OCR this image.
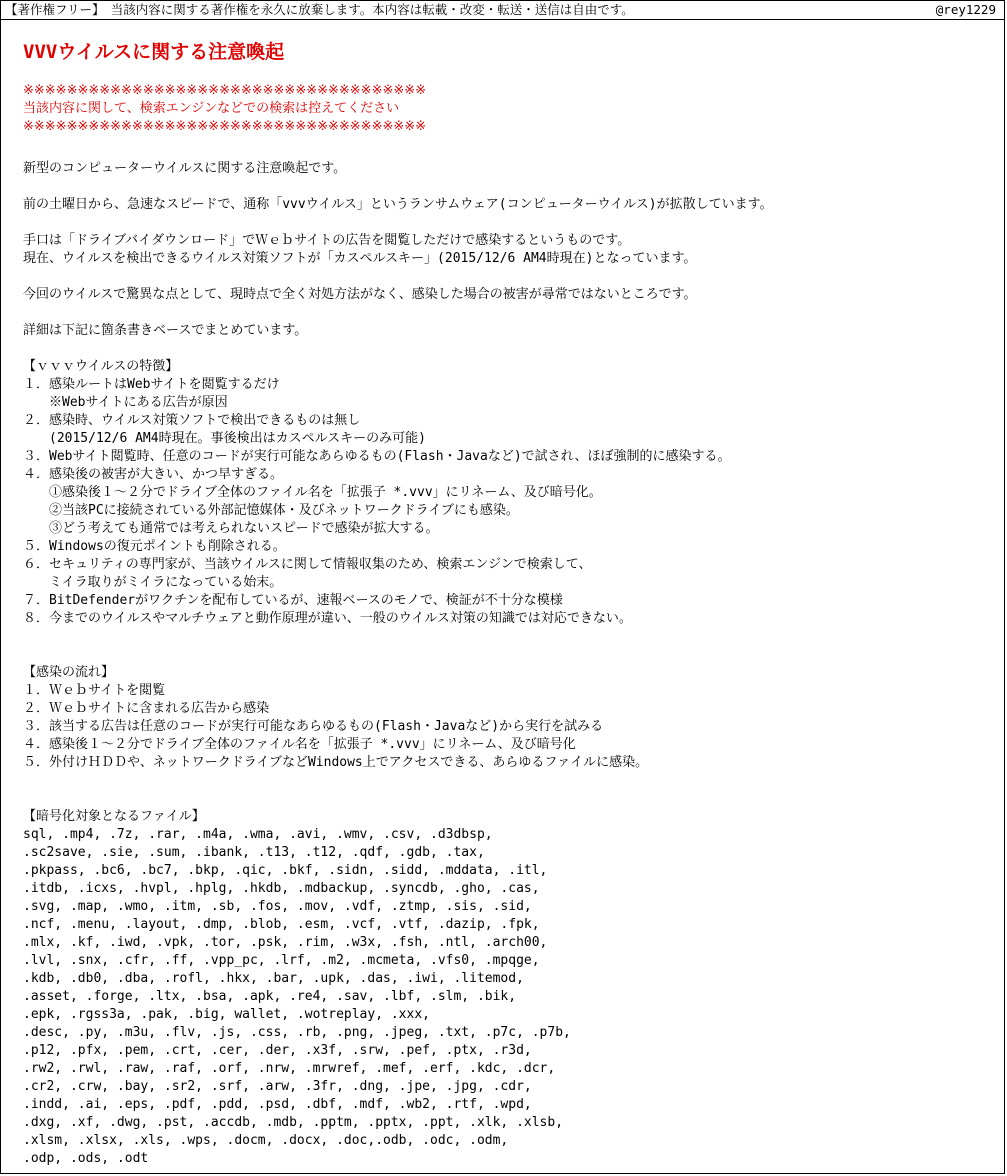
【著作権フリー】　当該内容に関する著作権を永久に放棄します。本内容は転載・改変・転送・送信は自由です。	@rey1229
VVVウイルスに関する注意喚起
※※※※※※※※※※※※※※※※※※※※※※※※※※※※※※※※※※※※※
当該内容に関して、検索エンジンなどでの検索は控えてください
※※※※※※※※※※※※※※※※※※※※※※※※※※※※※※※※※※※※※
新型のコンピューターウイルスに関する注意喚起です。
前の土曜日から、急速なスピードで、通称「vvvウイルス」というランサムウェア(コンピューターウイルス)が拡散しています。
手口は「ドライブバイダウンロード」でＷｅｂサイトの広告を閲覧しただけで感染するというものです。
現在、ウイルスを検出できるウイルス対策ソフトが「カスペルスキー」(2015/12/6 AM4時現在)となっています。
今回のウイルスで驚異な点として、現時点で全く対処方法がなく、感染した場合の被害が尋常ではないところです。
詳細は下記に箇条書きベースでまとめています。
【ｖｖｖウイルスの特徴】
１．感染ルートはWebサイトを閲覧するだけ
　　※Webサイトにある広告が原因
２．感染時、ウイルス対策ソフトで検出できるものは無し
　　(2015/12/6 AM4時現在。事後検出はカスペルスキーのみ可能)
３．Webサイト閲覧時、任意のコードが実行可能なあらゆるもの(Flash・Javaなど)で試され、ほぼ強制的に感染する。
４．感染後の被害が大きい、かつ早すぎる。
　　①感染後１～２分でドライブ全体のファイル名を「拡張子 *.vvv」にリネーム、及び暗号化。
　　②当該PCに接続されている外部記憶媒体・及びネットワークドライブにも感染。
　　③どう考えても通常では考えられないスピードで感染が拡大する。
５．Windowsの復元ポイントも削除される。
６．セキュリティの専門家が、当該ウイルスに関して情報収集のため、検索エンジンで検索して、
　　ミイラ取りがミイラになっている始末。
７．BitDefenderがワクチンを配布しているが、速報ベースのモノで、検証が不十分な模様
８．今までのウイルスやマルチウェアと動作原理が違い、一般のウイルス対策の知識では対応できない。
【感染の流れ】
１．Ｗｅｂサイトを閲覧
２．Ｗｅｂサイトに含まれる広告から感染
３．該当する広告は任意のコードが実行可能なあらゆるもの(Flash・Javaなど)から実行を試みる
４．感染後１～２分でドライブ全体のファイル名を「拡張子 *.vvv」にリネーム、及び暗号化
５．外付けＨＤＤや、ネットワークドライブなどWindows上でアクセスできる、あらゆるファイルに感染。
【暗号化対象となるファイル】
sql, .mp4, .7z, .rar, .m4a, .wma, .avi, .wmv, .csv, .d3dbsp,
.sc2save, .sie, .sum, .ibank, .t13, .t12, .qdf, .gdb, .tax,
.pkpass, .bc6, .bc7, .bkp, .qic, .bkf, .sidn, .sidd, .mddata, .itl,
.itdb, .icxs, .hvpl, .hplg, .hkdb, .mdbackup, .syncdb, .gho, .cas,
.svg, .map, .wmo, .itm, .sb, .fos, .mov, .vdf, .ztmp, .sis, .sid,
.ncf, .menu, .layout, .dmp, .blob, .esm, .vcf, .vtf, .dazip, .fpk,
.mlx, .kf, .iwd, .vpk, .tor, .psk, .rim, .w3x, .fsh, .ntl, .arch00,
.lvl, .snx, .cfr, .ff, .vpp_pc, .lrf, .m2, .mcmeta, .vfs0, .mpqge,
.kdb, .db0, .dba, .rofl, .hkx, .bar, .upk, .das, .iwi, .litemod,
.asset, .forge, .ltx, .bsa, .apk, .re4, .sav, .lbf, .slm, .bik,
.epk, .rgss3a, .pak, .big, wallet, .wotreplay, .xxx,
.desc, .py, .m3u, .flv, .js, .css, .rb, .png, .jpeg, .txt, .p7c, .p7b,
.p12, .pfx, .pem, .crt, .cer, .der, .x3f, .srw, .pef, .ptx, .r3d,
.rw2, .rwl, .raw, .raf, .orf, .nrw, .mrwref, .mef, .erf, .kdc, .dcr,
.cr2, .crw, .bay, .sr2, .srf, .arw, .3fr, .dng, .jpe, .jpg, .cdr,
.indd, .ai, .eps, .pdf, .pdd, .psd, .dbf, .mdf, .wb2, .rtf, .wpd,
.dxg, .xf, .dwg, .pst, .accdb, .mdb, .pptm, .pptx, .ppt, .xlk, .xlsb,
.xlsm, .xlsx, .xls, .wps, .docm, .docx, .doc,.odb, .odc, .odm,
.odp, .ods, .odt
